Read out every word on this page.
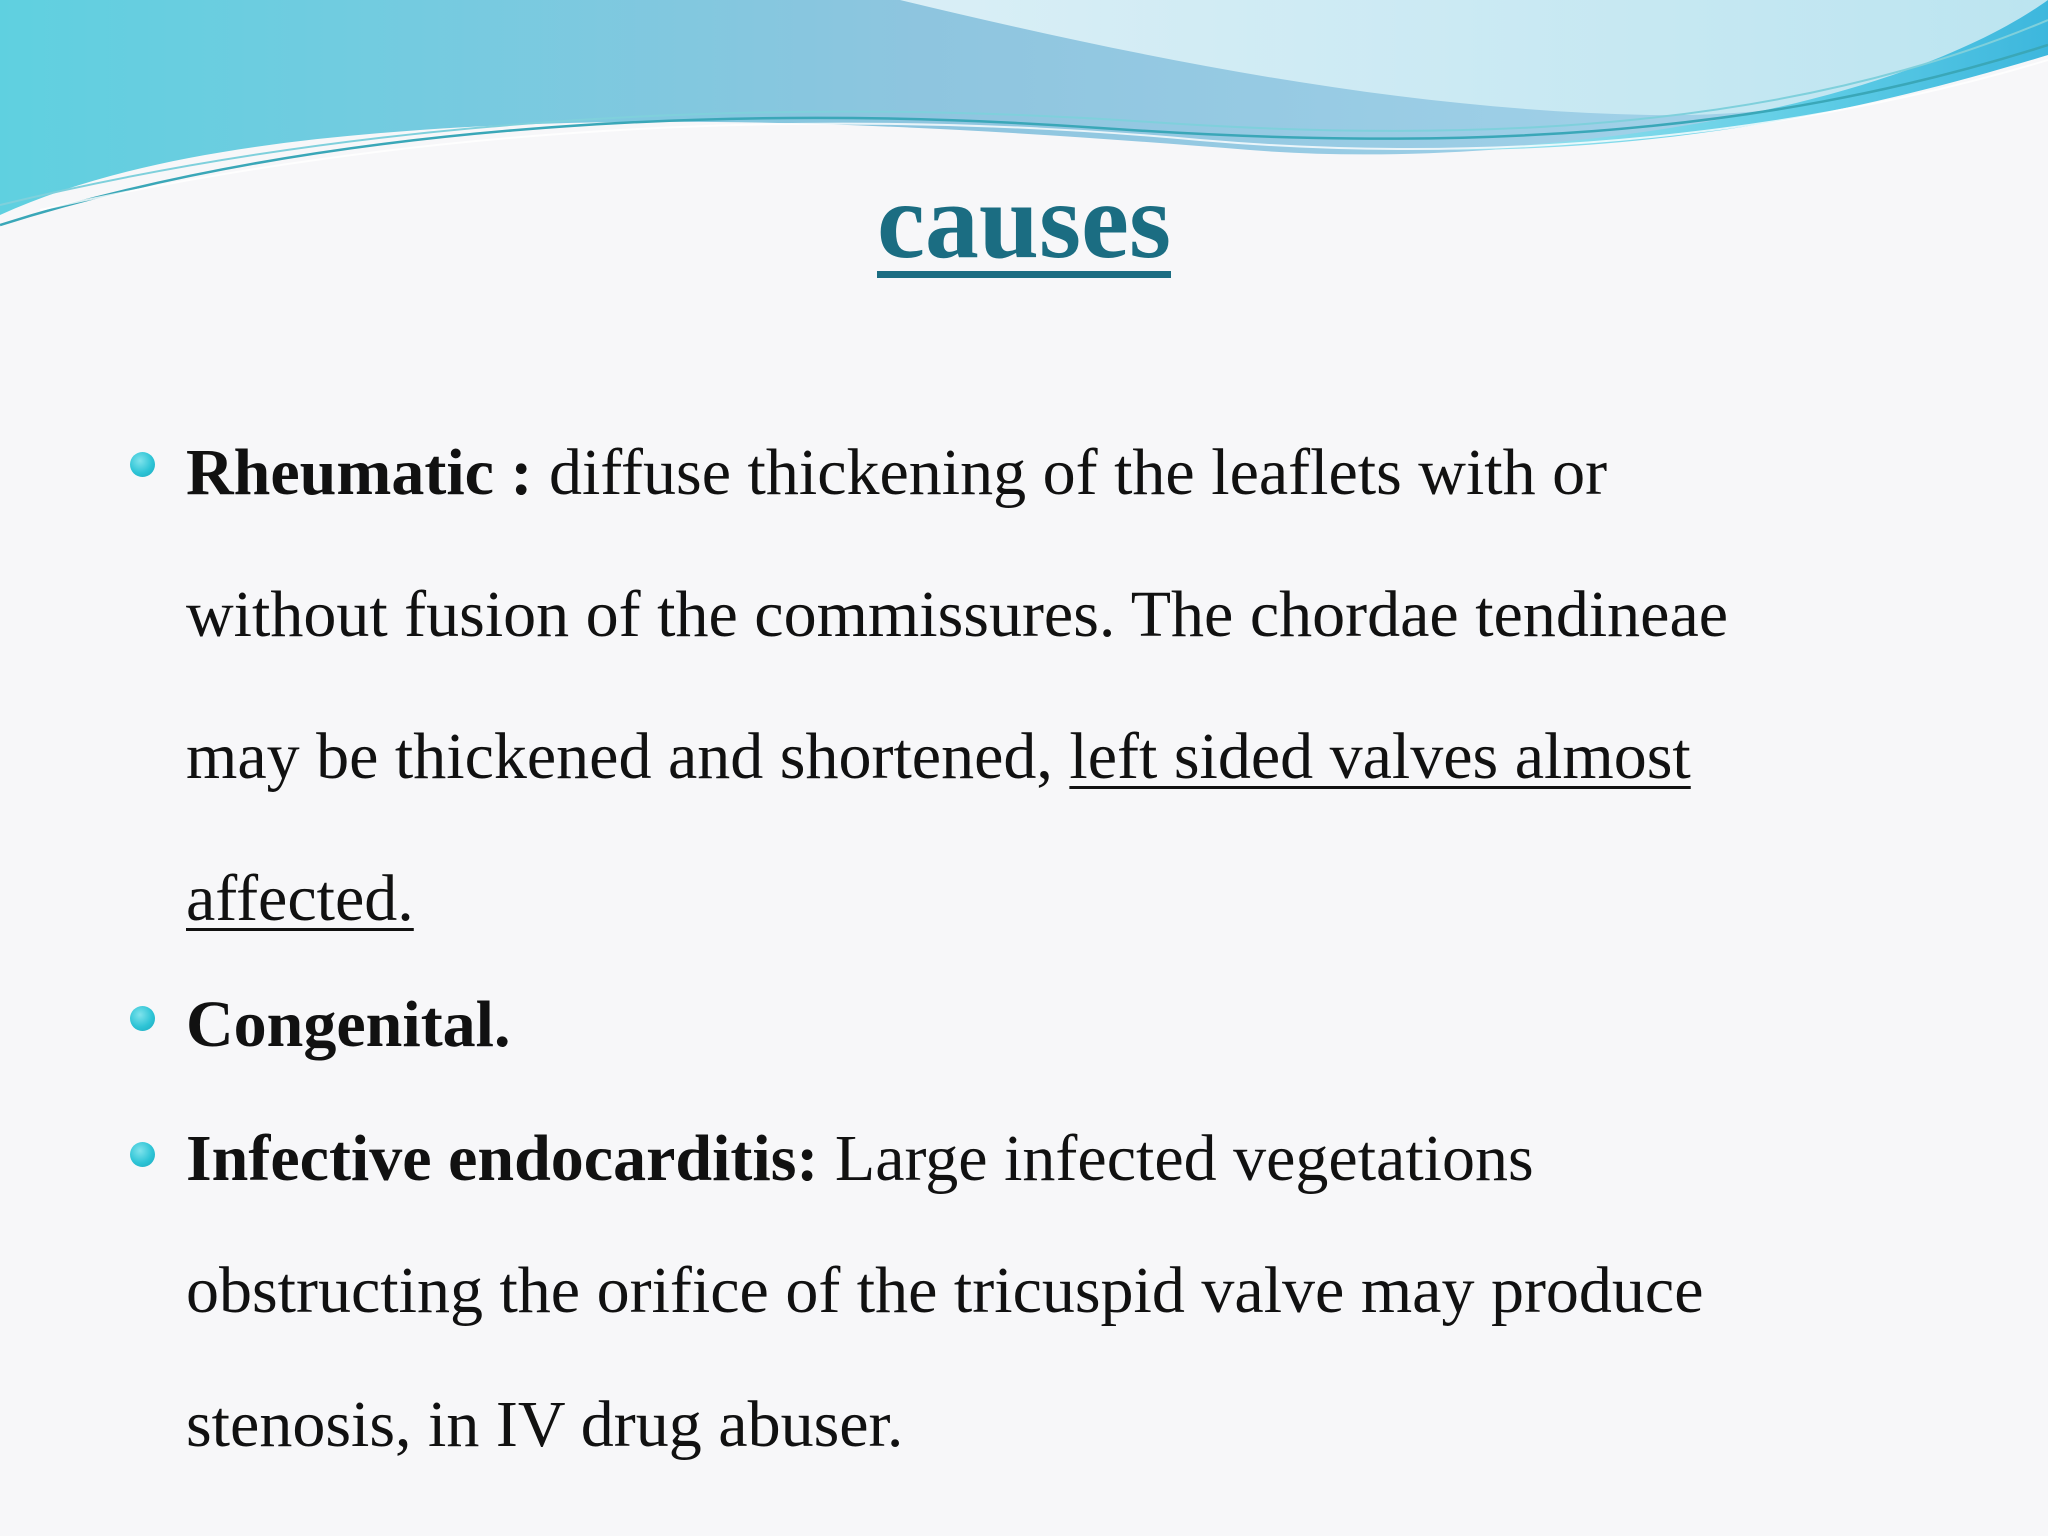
causes
Rheumatic : diffuse thickening of the leaflets with or
without fusion of the commissures. The chordae tendineae
may be thickened and shortened, left sided valves almost
affected.
Congenital.
Infective endocarditis: Large infected vegetations
obstructing the orifice of the tricuspid valve may produce
stenosis, in IV drug abuser.
